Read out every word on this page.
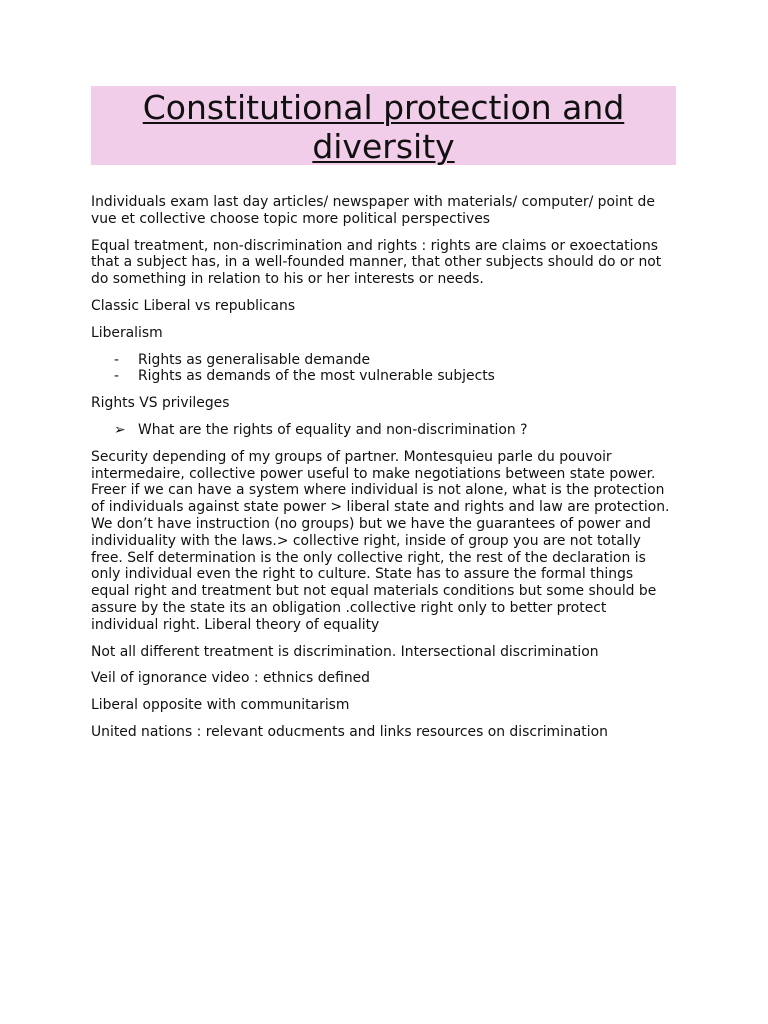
Constitutional protection and
diversity

Individuals exam last day articles/ newspaper with materials/ computer/ point de vue et collective choose topic more political perspectives

Equal treatment, non-discrimination and rights : rights are claims or exoectations that a subject has, in a well-founded manner, that other subjects should do or not do something in relation to his or her interests or needs.

Classic Liberal vs republicans

Liberalism

- Rights as generalisable demande
- Rights as demands of the most vulnerable subjects

Rights VS privileges

➢ What are the rights of equality and non-discrimination ?

Security depending of my groups of partner. Montesquieu parle du pouvoir intermedaire, collective power useful to make negotiations between state power. Freer if we can have a system where individual is not alone, what is the protection of individuals against state power > liberal state and rights and law are protection. We don’t have instruction (no groups) but we have the guarantees of power and individuality with the laws.> collective right, inside of group you are not totally free. Self determination is the only collective right, the rest of the declaration is only individual even the right to culture. State has to assure the formal things equal right and treatment but not equal materials conditions but some should be assure by the state its an obligation .collective right only to better protect individual right. Liberal theory of equality

Not all different treatment is discrimination. Intersectional discrimination

Veil of ignorance video : ethnics defined

Liberal opposite with communitarism

United nations : relevant oducments and links resources on discrimination
